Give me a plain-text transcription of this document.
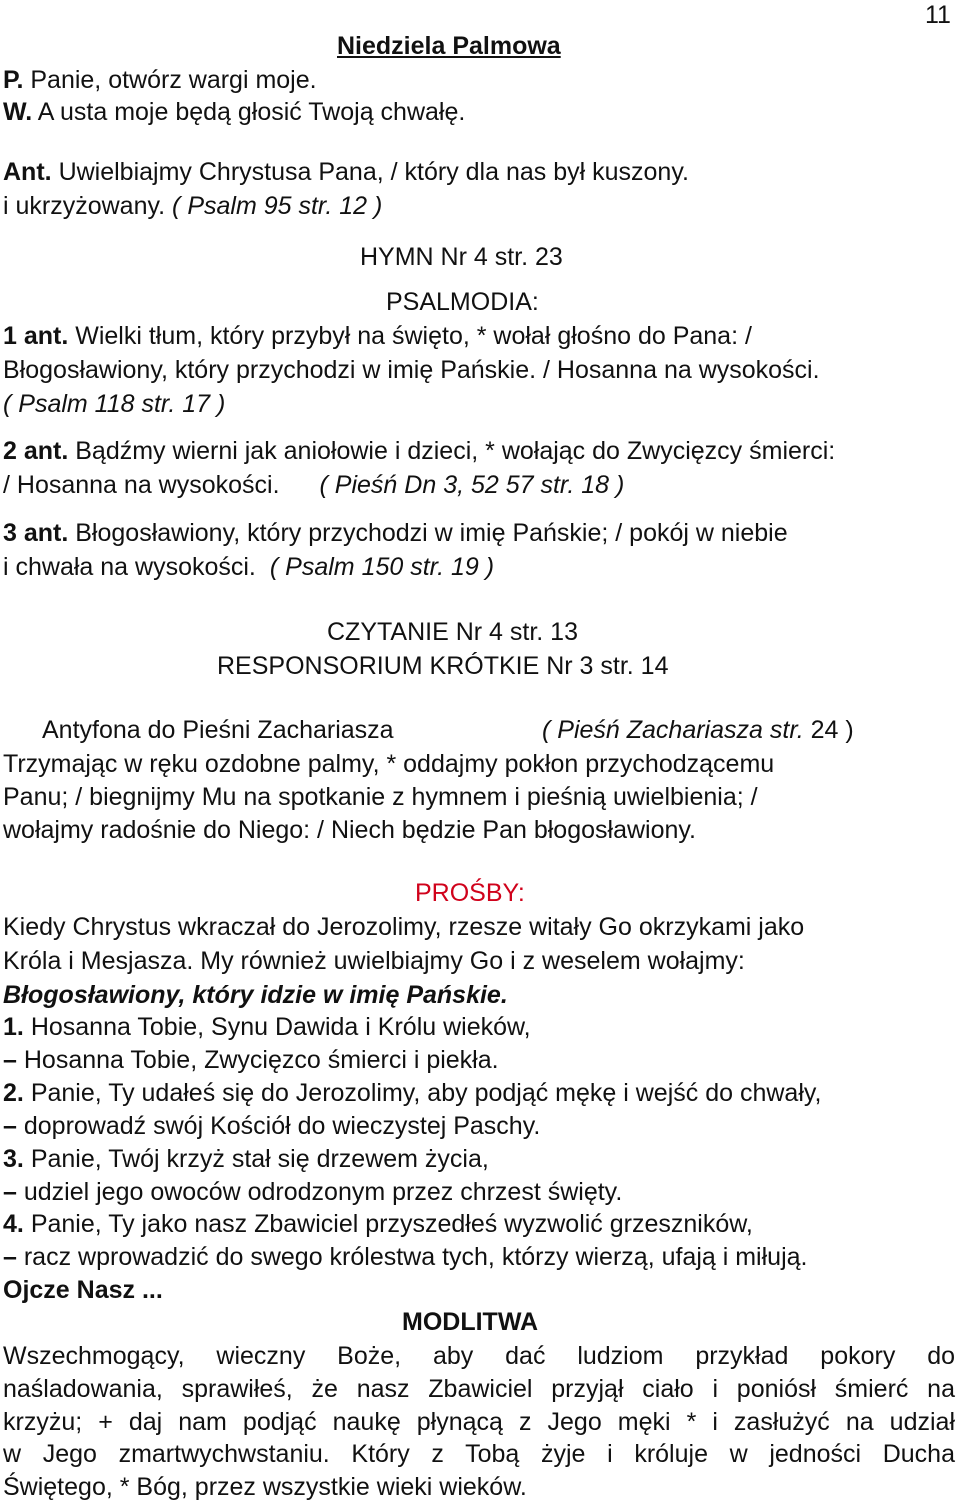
11
Niedziela Palmowa
P. Panie, otwórz wargi moje.
W. A usta moje będą głosić Twoją chwałę.
Ant. Uwielbiajmy Chrystusa Pana, / który dla nas był kuszony.
i ukrzyżowany. ( Psalm 95 str. 12 )
HYMN Nr 4 str. 23
PSALMODIA:
1 ant. Wielki tłum, który przybył na święto, * wołał głośno do Pana: /
Błogosławiony, który przychodzi w imię Pańskie. / Hosanna na wysokości.
( Psalm 118 str. 17 )
2 ant. Bądźmy wierni jak aniołowie i dzieci, * wołając do Zwycięzcy śmierci:
/ Hosanna na wysokości. ( Pieśń Dn 3, 52 57 str. 18 )
3 ant. Błogosławiony, który przychodzi w imię Pańskie; / pokój w niebie
i chwała na wysokości. ( Psalm 150 str. 19 )
CZYTANIE Nr 4 str. 13
RESPONSORIUM KRÓTKIE Nr 3 str. 14
Antyfona do Pieśni Zachariasza	( Pieśń Zachariasza str. 24 )
Trzymając w ręku ozdobne palmy, * oddajmy pokłon przychodzącemu
Panu; / biegnijmy Mu na spotkanie z hymnem i pieśnią uwielbienia; /
wołajmy radośnie do Niego: / Niech będzie Pan błogosławiony.
PROŚBY:
Kiedy Chrystus wkraczał do Jerozolimy, rzesze witały Go okrzykami jako
Króla i Mesjasza. My również uwielbiajmy Go i z weselem wołajmy:
Błogosławiony, który idzie w imię Pańskie.
1. Hosanna Tobie, Synu Dawida i Królu wieków,
– Hosanna Tobie, Zwycięzco śmierci i piekła.
2. Panie, Ty udałeś się do Jerozolimy, aby podjąć mękę i wejść do chwały,
– doprowadź swój Kościół do wieczystej Paschy.
3. Panie, Twój krzyż stał się drzewem życia,
– udziel jego owoców odrodzonym przez chrzest święty.
4. Panie, Ty jako nasz Zbawiciel przyszedłeś wyzwolić grzeszników,
– racz wprowadzić do swego królestwa tych, którzy wierzą, ufają i miłują.
Ojcze Nasz ...
MODLITWA
Wszechmogący, wieczny Boże, aby dać ludziom przykład pokory do
naśladowania, sprawiłeś, że nasz Zbawiciel przyjął ciało i poniósł śmierć na
krzyżu; + daj nam podjąć naukę płynącą z Jego męki * i zasłużyć na udział
w Jego zmartwychwstaniu. Który z Tobą żyje i króluje w jedności Ducha
Świętego, * Bóg, przez wszystkie wieki wieków.
